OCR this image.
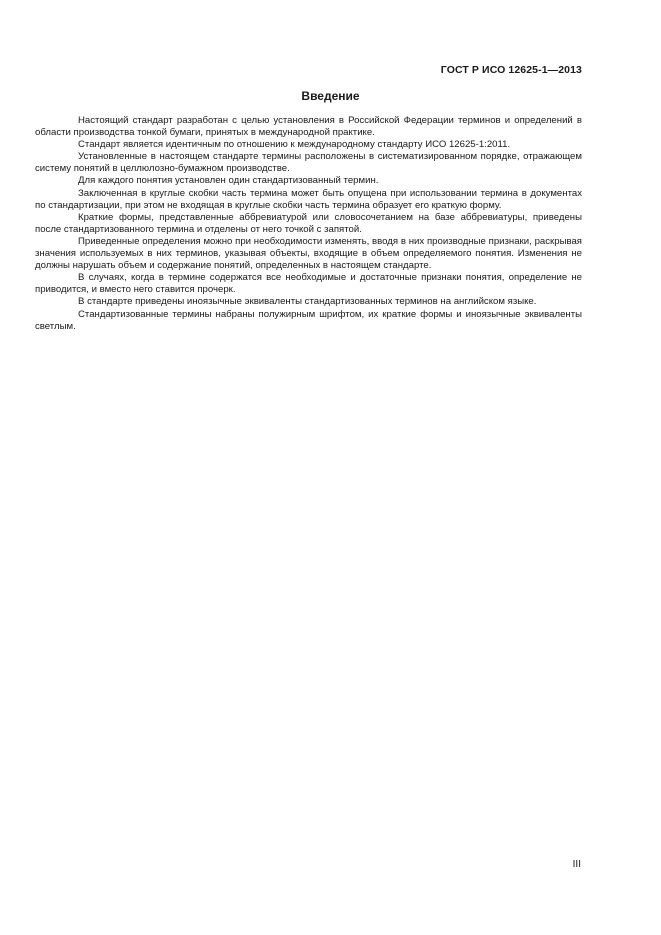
ГОСТ Р ИСО 12625-1—2013
Введение

Настоящий стандарт разработан с целью установления в Российской Федерации терминов и определений в области производства тонкой бумаги, принятых в международной практике.

Стандарт является идентичным по отношению к международному стандарту ИСО 12625-1:2011.

Установленные в настоящем стандарте термины расположены в систематизированном порядке, отражающем систему понятий в целлюлозно-бумажном производстве.

Для каждого понятия установлен один стандартизованный термин.

Заключенная в круглые скобки часть термина может быть опущена при использовании термина в документах по стандартизации, при этом не входящая в круглые скобки часть термина образует его краткую форму.

Краткие формы, представленные аббревиатурой или словосочетанием на базе аббревиатуры, приведены после стандартизованного термина и отделены от него точкой с запятой.

Приведенные определения можно при необходимости изменять, вводя в них производные признаки, раскрывая значения используемых в них терминов, указывая объекты, входящие в объем определяемого понятия. Изменения не должны нарушать объем и содержание понятий, определенных в настоящем стандарте.

В случаях, когда в термине содержатся все необходимые и достаточные признаки понятия, определение не приводится, и вместо него ставится прочерк.

В стандарте приведены иноязычные эквиваленты стандартизованных терминов на английском языке.

Стандартизованные термины набраны полужирным шрифтом, их краткие формы и иноязычные эквиваленты светлым.

III
